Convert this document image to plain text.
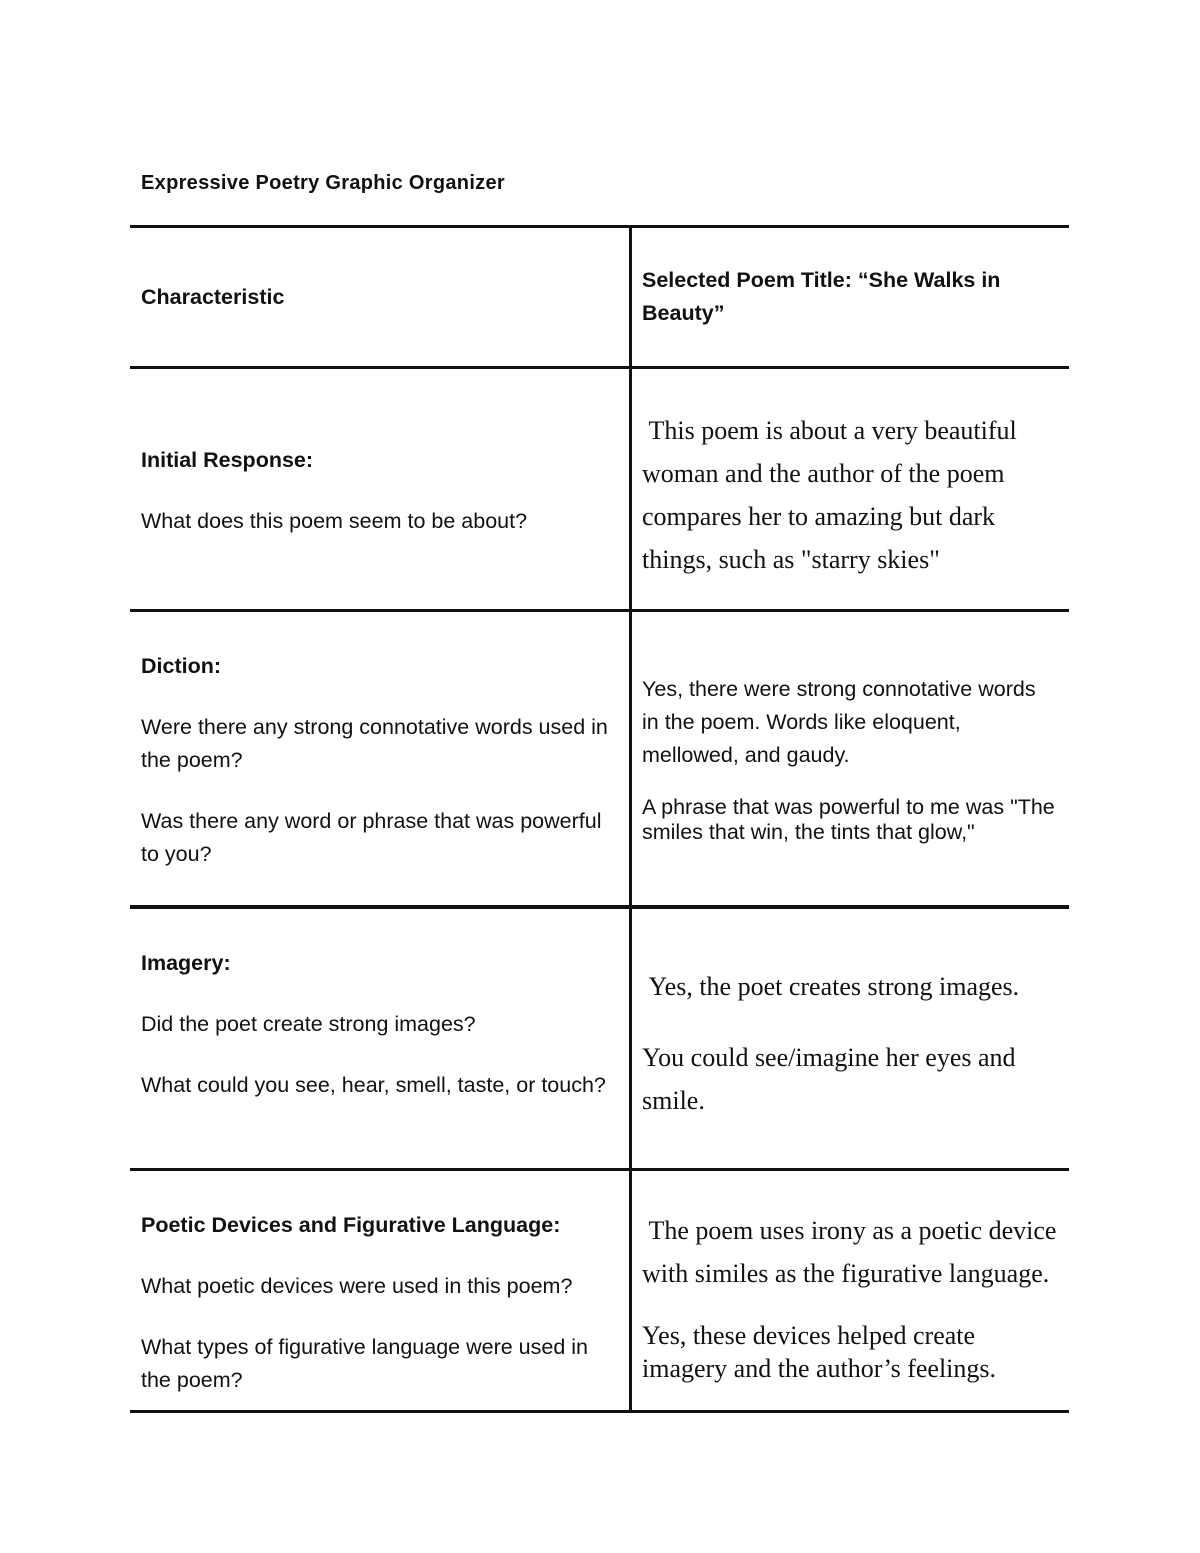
Expressive Poetry Graphic Organizer
Characteristic
Selected Poem Title: “She Walks in Beauty”
Initial Response:
What does this poem seem to be about?
This poem is about a very beautiful woman and the author of the poem compares her to amazing but dark things, such as "starry skies"
Diction:
Were there any strong connotative words used in the poem?
Was there any word or phrase that was powerful to you?
Yes, there were strong connotative words in the poem. Words like eloquent, mellowed, and gaudy.
A phrase that was powerful to me was "The smiles that win, the tints that glow,"
Imagery:
Did the poet create strong images?
What could you see, hear, smell, taste, or touch?
Yes, the poet creates strong images.
You could see/imagine her eyes and smile.
Poetic Devices and Figurative Language:
What poetic devices were used in this poem?
What types of figurative language were used in the poem?
The poem uses irony as a poetic device with similes as the figurative language.
Yes, these devices helped create imagery and the author’s feelings.
